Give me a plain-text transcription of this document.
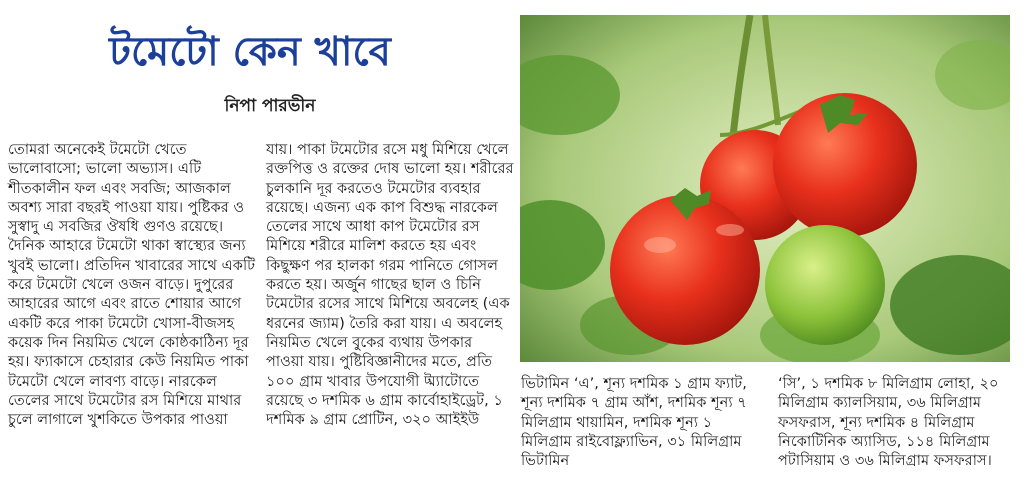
টমেটো কেন খাবে
নিপা পারভীন

তোমরা অনেকেই টমেটো খেতে ভালোবাসো; ভালো অভ্যাস। এটি শীতকালীন ফল এবং সবজি; আজকাল অবশ্য সারা বছরই পাওয়া যায়। পুষ্টিকর ও সুস্বাদু এ সবজির ঔষধি গুণও রয়েছে। দৈনিক আহারে টমেটো থাকা স্বাস্থ্যের জন্য খুবই ভালো। প্রতিদিন খাবারের সাথে একটি করে টমেটো খেলে ওজন বাড়ে। দুপুরের আহারের আগে এবং রাতে শোয়ার আগে একটি করে পাকা টমেটো খোসা-বীজসহ কয়েক দিন নিয়মিত খেলে কোষ্ঠকাঠিন্য দূর হয়। ফ্যাকাসে চেহারার কেউ নিয়মিত পাকা টমেটো খেলে লাবণ্য বাড়ে। নারকেল তেলের সাথে টমেটোর রস মিশিয়ে মাথার চুলে লাগালে খুশকিতে উপকার পাওয়া

যায়। পাকা টমেটোর রসে মধু মিশিয়ে খেলে রক্তপিত্ত ও রক্তের দোষ ভালো হয়। শরীরের চুলকানি দূর করতেও টমেটোর ব্যবহার রয়েছে। এজন্য এক কাপ বিশুদ্ধ নারকেল তেলের সাথে আধা কাপ টমেটোর রস মিশিয়ে শরীরে মালিশ করতে হয় এবং কিছুক্ষণ পর হালকা গরম পানিতে গোসল করতে হয়। অর্জুন গাছের ছাল ও চিনি টমেটোর রসের সাথে মিশিয়ে অবলেহ (এক ধরনের জ্যাম) তৈরি করা যায়। এ অবলেহ নিয়মিত খেলে বুকের ব্যথায় উপকার পাওয়া যায়। পুষ্টিবিজ্ঞানীদের মতে, প্রতি ১০০ গ্রাম খাবার উপযোগী ট্ম্যাটোতে রয়েছে ৩ দশমিক ৬ গ্রাম কার্বোহাইড্রেট, ১ দশমিক ৯ গ্রাম প্রোটিন, ৩২০ আইইউ

ভিটামিন ‘এ’, শূন্য দশমিক ১ গ্রাম ফ্যাট, শূন্য দশমিক ৭ গ্রাম আঁশ, দশমিক শূন্য ৭ মিলিগ্রাম থায়ামিন, দশমিক শূন্য ১ মিলিগ্রাম রাইবোফ্ল্যাভিন, ৩১ মিলিগ্রাম ভিটামিন

‘সি’, ১ দশমিক ৮ মিলিগ্রাম লোহা, ২০ মিলিগ্রাম ক্যালসিয়াম, ৩৬ মিলিগ্রাম ফসফরাস, শূন্য দশমিক ৪ মিলিগ্রাম নিকোটিনিক অ্যাসিড, ১১৪ মিলিগ্রাম পটাসিয়াম ও ৩৬ মিলিগ্রাম ফসফরাস।
